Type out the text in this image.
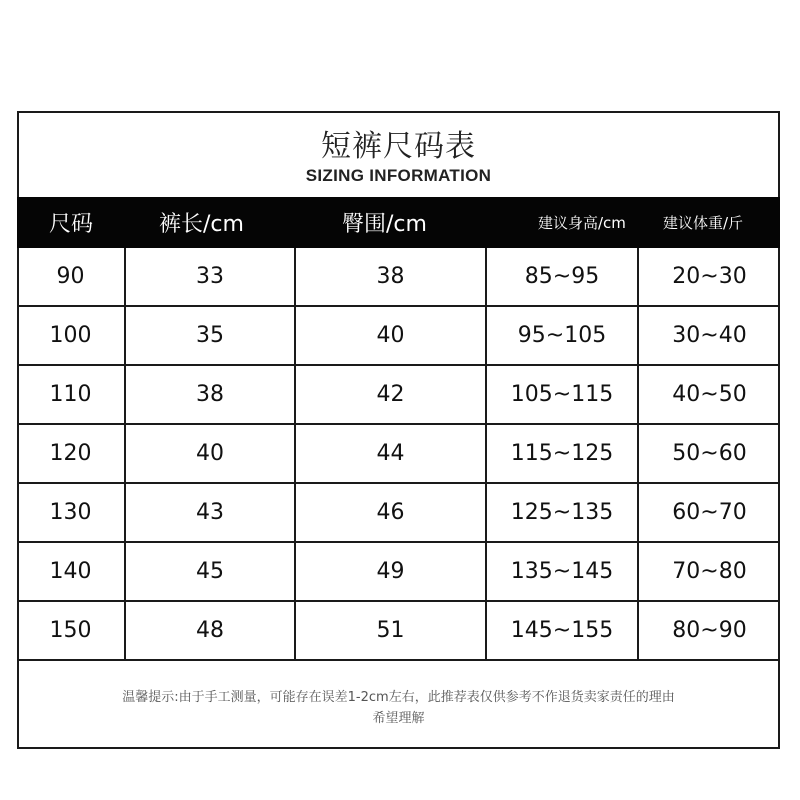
短裤尺码表
SIZING INFORMATION
尺码	裤长/cm	臀围/cm	建议身高/cm	建议体重/斤
90	33	38	85~95	20~30
100	35	40	95~105	30~40
110	38	42	105~115	40~50
120	40	44	115~125	50~60
130	43	46	125~135	60~70
140	45	49	135~145	70~80
150	48	51	145~155	80~90
温馨提示:由于手工测量，可能存在误差1-2cm左右，此推荐表仅供参考不作退货卖家责任的理由
希望理解
